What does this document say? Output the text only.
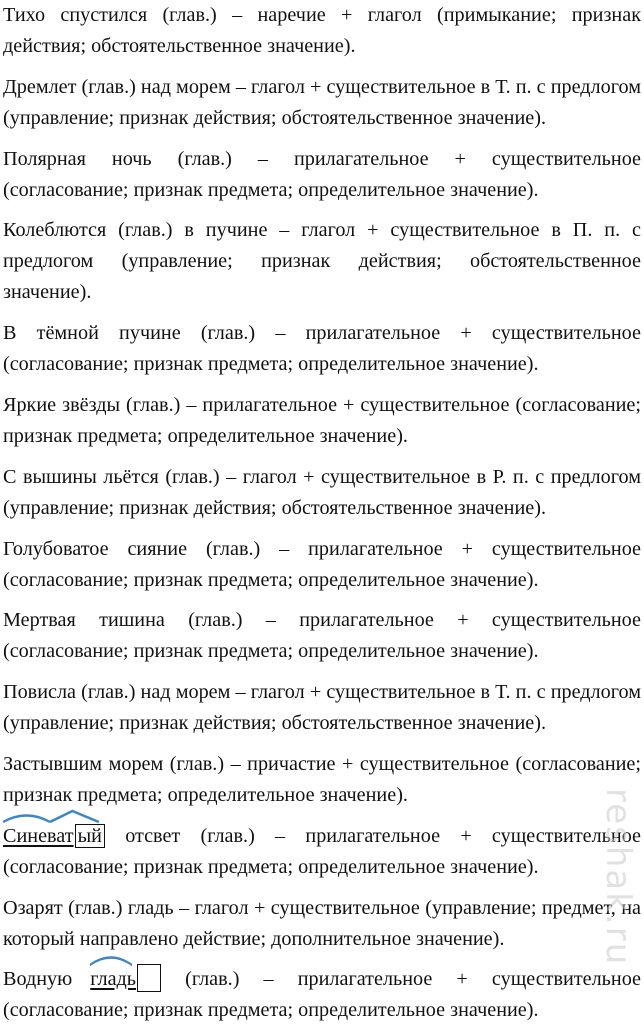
Тихо спустился (глав.) – наречие + глагол (примыкание; признак действия; обстоятельственное значение).

Дремлет (глав.) над морем – глагол + существительное в Т. п. с предлогом (управление; признак действия; обстоятельственное значение).

Полярная ночь (глав.) – прилагательное + существительное (согласование; признак предмета; определительное значение).

Колеблются (глав.) в пучине – глагол + существительное в П. п. с предлогом (управление; признак действия; обстоятельственное значение).

В тёмной пучине (глав.) – прилагательное + существительное (согласование; признак предмета; определительное значение).

Яркие звёзды (глав.) – прилагательное + существительное (согласование; признак предмета; определительное значение).

С вышины льётся (глав.) – глагол + существительное в Р. п. с предлогом (управление; признак действия; обстоятельственное значение).

Голубоватое сияние (глав.) – прилагательное + существительное (согласование; признак предмета; определительное значение).

Мертвая тишина (глав.) – прилагательное + существительное (согласование; признак предмета; определительное значение).

Повисла (глав.) над морем – глагол + существительное в Т. п. с предлогом (управление; признак действия; обстоятельственное значение).

Застывшим морем (глав.) – причастие + существительное (согласование; признак предмета; определительное значение).

Синеват ый отсвет (глав.) – прилагательное + существительное (согласование; признак предмета; определительное значение).

Озарят (глав.) гладь – глагол + существительное (управление; предмет, на который направлено действие; дополнительное значение).

Водную гладь (глав.) – прилагательное + существительное (согласование; признак предмета; определительное значение).

reshak.ru
